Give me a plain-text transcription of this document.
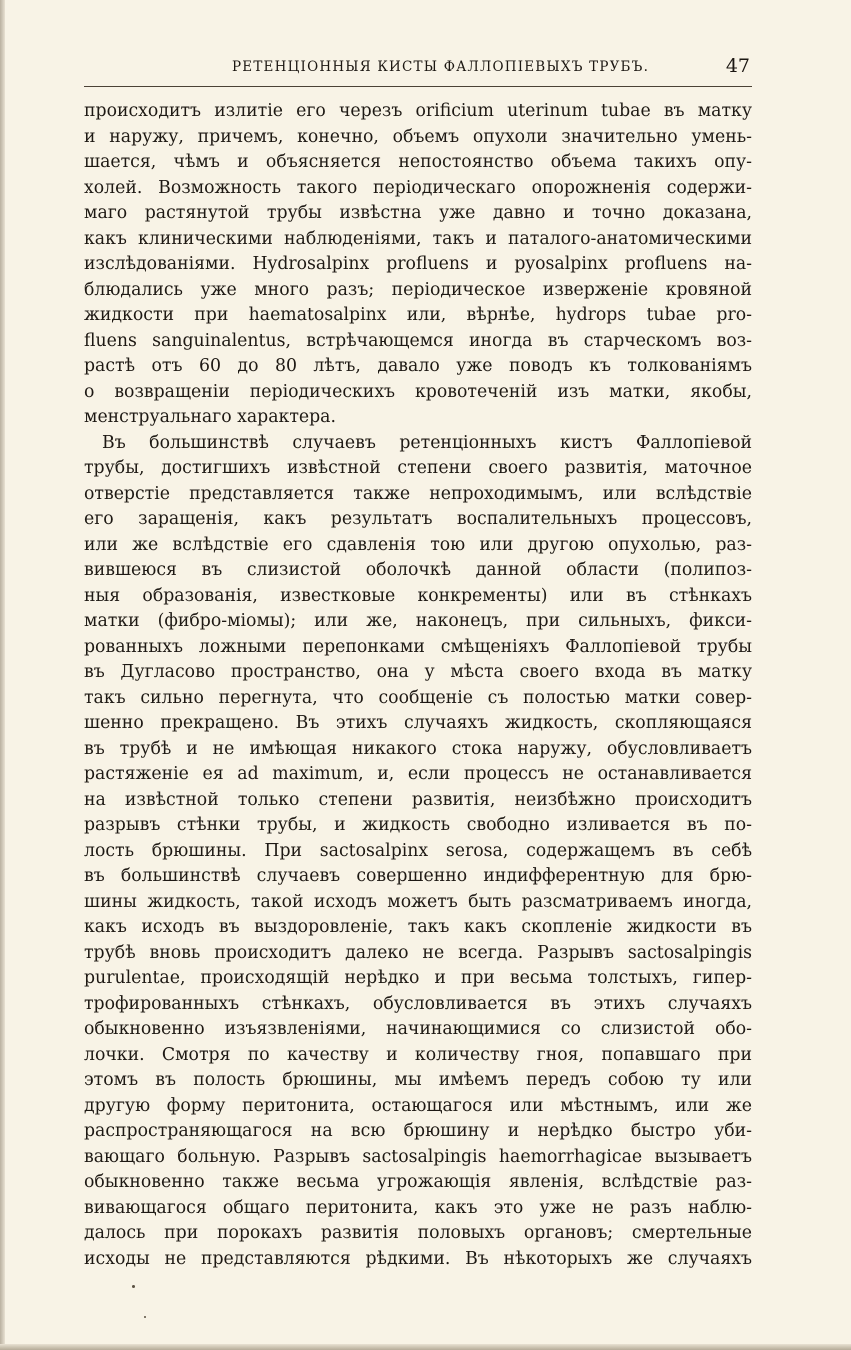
РЕТЕНЦIОННЫЯ КИСТЫ ФАЛЛОПIЕВЫХЪ ТРУБЪ.	47
происходитъ излитiе его черезъ orificium uterinum tubae въ матку
и наружу, причемъ, конечно, объемъ опухоли значительно умень-
шается, чѣмъ и объясняется непостоянство объема такихъ опу-
холей. Возможность такого перiодическаго опорожненiя содержи-
маго растянутой трубы извѣстна уже давно и точно доказана,
какъ клиническими наблюденiями, такъ и паталого-анатомическими
изслѣдованiями. Hydrosalpinx profluens и pyosalpinx profluens на-
блюдались уже много разъ; перiодическое изверженiе кровяной
жидкости при haematosalpinx или, вѣрнѣе, hydrops tubae pro-
fluens sanguinalentus, встрѣчающемся иногда въ старческомъ воз-
растѣ отъ 60 до 80 лѣтъ, давало уже поводъ къ толкованiямъ
о возвращенiи перiодическихъ кровотеченiй изъ матки, якобы,
менструальнаго характера.
Въ большинствѣ случаевъ ретенцiонныхъ кистъ Фаллопiевой
трубы, достигшихъ извѣстной степени своего развитiя, маточное
отверстiе представляется также непроходимымъ, или вслѣдствiе
его заращенiя, какъ результатъ воспалительныхъ процессовъ,
или же вслѣдствiе его сдавленiя тою или другою опухолью, раз-
вившеюся въ слизистой оболочкѣ данной области (полипоз-
ныя образованiя, известковые конкременты) или въ стѣнкахъ
матки (фибро-мiомы); или же, наконецъ, при сильныхъ, фикси-
рованныхъ ложными перепонками смѣщенiяхъ Фаллопiевой трубы
въ Дугласово пространство, она у мѣста своего входа въ матку
такъ сильно перегнута, что сообщенiе съ полостью матки совер-
шенно прекращено. Въ этихъ случаяхъ жидкость, скопляющаяся
въ трубѣ и не имѣющая никакого стока наружу, обусловливаетъ
растяженiе ея ad maximum, и, если процессъ не останавливается
на извѣстной только степени развитiя, неизбѣжно происходитъ
разрывъ стѣнки трубы, и жидкость свободно изливается въ по-
лость брюшины. При sactosalpinx serosa, содержащемъ въ себѣ
въ большинствѣ случаевъ совершенно индифферентную для брю-
шины жидкость, такой исходъ можетъ быть разсматриваемъ иногда,
какъ исходъ въ выздоровленiе, такъ какъ скопленiе жидкости въ
трубѣ вновь происходитъ далеко не всегда. Разрывъ sactosalpingis
purulentae, происходящiй нерѣдко и при весьма толстыхъ, гипер-
трофированныхъ стѣнкахъ, обусловливается въ этихъ случаяхъ
обыкновенно изъязвленiями, начинающимися со слизистой обо-
лочки. Смотря по качеству и количеству гноя, попавшаго при
этомъ въ полость брюшины, мы имѣемъ передъ собою ту или
другую форму перитонита, остающагося или мѣстнымъ, или же
распространяющагося на всю брюшину и нерѣдко быстро уби-
вающаго больную. Разрывъ sactosalpingis haemorrhagicae вызываетъ
обыкновенно также весьма угрожающiя явленiя, вслѣдствiе раз-
вивающагося общаго перитонита, какъ это уже не разъ наблю-
далось при порокахъ развитiя половыхъ органовъ; смертельные
исходы не представляются рѣдкими. Въ нѣкоторыхъ же случаяхъ
